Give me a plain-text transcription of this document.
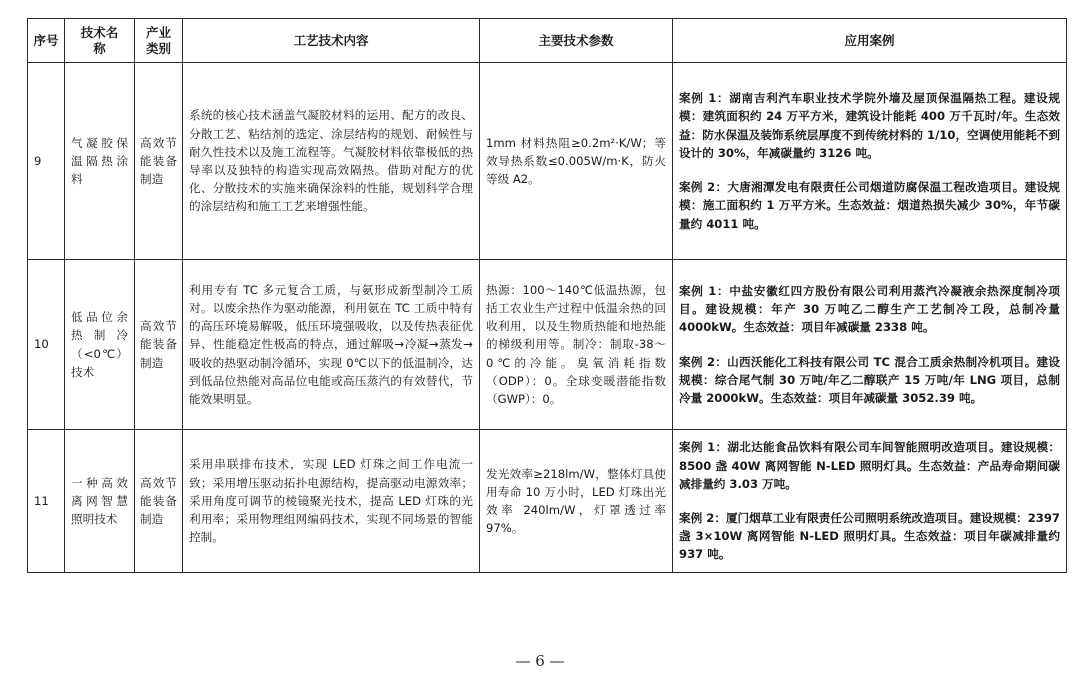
序号	技术名称	产业类别	工艺技术内容	主要技术参数	应用案例
9	气凝胶保温隔热涂料	高效节能装备制造	系统的核心技术涵盖气凝胶材料的运用、配方的改良、分散工艺、粘结剂的选定、涂层结构的规划、耐候性与耐久性技术以及施工流程等。气凝胶材料依靠极低的热导率以及独特的构造实现高效隔热。借助对配方的优化、分散技术的实施来确保涂料的性能，规划科学合理的涂层结构和施工工艺来增强性能。	1mm 材料热阻≥0.2m²·K/W；等效导热系数≤0.005W/m·K，防火等级 A2。	案例 1：湖南吉利汽车职业技术学院外墙及屋顶保温隔热工程。建设规模：建筑面积约 24 万平方米，建筑设计能耗 400 万千瓦时/年。生态效益：防水保温及装饰系统层厚度不到传统材料的 1/10，空调使用能耗不到设计的 30%，年减碳量约 3126 吨。
案例 2：大唐湘潭发电有限责任公司烟道防腐保温工程改造项目。建设规模：施工面积约 1 万平方米。生态效益：烟道热损失减少 30%，年节碳量约 4011 吨。

10	低品位余热制冷（<0℃）技术	高效节能装备制造	利用专有 TC 多元复合工质，与氨形成新型制冷工质对。以废余热作为驱动能源，利用氨在 TC 工质中特有的高压环境易解吸，低压环境强吸收，以及传热表征优异、性能稳定性极高的特点，通过解吸→冷凝→蒸发→吸收的热驱动制冷循环，实现 0℃以下的低温制冷，达到低品位热能对高品位电能或高压蒸汽的有效替代，节能效果明显。	热源：100～140℃低温热源，包括工农业生产过程中低温余热的回收利用，以及生物质热能和地热能的梯级利用等。制冷：制取-38～0℃的冷能。臭氧消耗指数（ODP）：0。全球变暖潜能指数（GWP）：0。	案例 1：中盐安徽红四方股份有限公司利用蒸汽冷凝液余热深度制冷项目。建设规模：年产 30 万吨乙二醇生产工艺制冷工段，总制冷量 4000kW。生态效益：项目年减碳量 2338 吨。
案例 2：山西沃能化工科技有限公司 TC 混合工质余热制冷机项目。建设规模：综合尾气制 30 万吨/年乙二醇联产 15 万吨/年 LNG 项目，总制冷量 2000kW。生态效益：项目年减碳量 3052.39 吨。

11	一种高效离网智慧照明技术	高效节能装备制造	采用串联排布技术，实现 LED 灯珠之间工作电流一致；采用增压驱动拓扑电源结构，提高驱动电源效率；采用角度可调节的棱镜聚光技术，提高 LED 灯珠的光利用率；采用物理组网编码技术，实现不同场景的智能控制。	发光效率≥218lm/W，整体灯具使用寿命 10 万小时，LED 灯珠出光效率 240lm/W，灯罩透过率 97%。	案例 1：湖北达能食品饮料有限公司车间智能照明改造项目。建设规模：8500 盏 40W 离网智能 N-LED 照明灯具。生态效益：产品寿命期间碳减排量约 3.03 万吨。
案例 2：厦门烟草工业有限责任公司照明系统改造项目。建设规模：2397 盏 3×10W 离网智能 N-LED 照明灯具。生态效益：项目年碳减排量约 937 吨。
— 6 —
